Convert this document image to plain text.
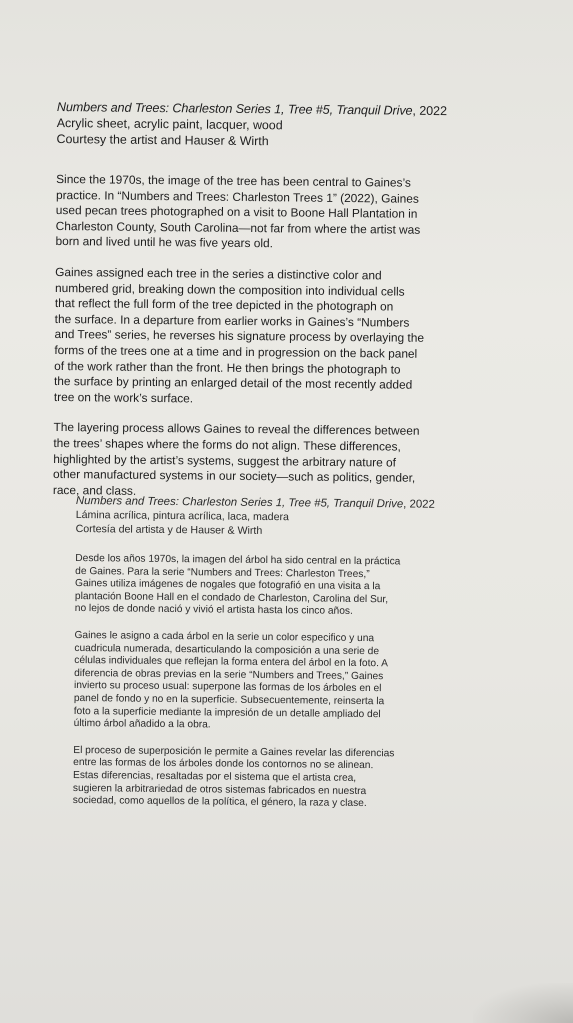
Numbers and Trees: Charleston Series 1, Tree #5, Tranquil Drive, 2022

Acrylic sheet, acrylic paint, lacquer, wood

Courtesy the artist and Hauser & Wirth

Since the 1970s, the image of the tree has been central to Gaines’s
practice. In “Numbers and Trees: Charleston Trees 1” (2022), Gaines
used pecan trees photographed on a visit to Boone Hall Plantation in
Charleston County, South Carolina—not far from where the artist was
born and lived until he was five years old.
Gaines assigned each tree in the series a distinctive color and
numbered grid, breaking down the composition into individual cells
that reflect the full form of the tree depicted in the photograph on
the surface. In a departure from earlier works in Gaines’s “Numbers
and Trees” series, he reverses his signature process by overlaying the
forms of the trees one at a time and in progression on the back panel
of the work rather than the front. He then brings the photograph to
the surface by printing an enlarged detail of the most recently added
tree on the work’s surface.
The layering process allows Gaines to reveal the differences between
the trees’ shapes where the forms do not align. These differences,
highlighted by the artist’s systems, suggest the arbitrary nature of
other manufactured systems in our society—such as politics, gender,
race, and class.

Numbers and Trees: Charleston Series 1, Tree #5, Tranquil Drive, 2022

Lámina acrílica, pintura acrílica, laca, madera

Cortesía del artista y de Hauser & Wirth

Desde los años 1970s, la imagen del árbol ha sido central en la práctica
de Gaines. Para la serie “Numbers and Trees: Charleston Trees,”
Gaines utiliza imágenes de nogales que fotografió en una visita a la
plantación Boone Hall en el condado de Charleston, Carolina del Sur,
no lejos de donde nació y vivió el artista hasta los cinco años.
Gaines le asigno a cada árbol en la serie un color especifico y una
cuadricula numerada, desarticulando la composición a una serie de
células individuales que reflejan la forma entera del árbol en la foto. A
diferencia de obras previas en la serie “Numbers and Trees,” Gaines
invierto su proceso usual: superpone las formas de los árboles en el
panel de fondo y no en la superficie. Subsecuentemente, reinserta la
foto a la superficie mediante la impresión de un detalle ampliado del
último árbol añadido a la obra.
El proceso de superposición le permite a Gaines revelar las diferencias
entre las formas de los árboles donde los contornos no se alinean.
Estas diferencias, resaltadas por el sistema que el artista crea,
sugieren la arbitrariedad de otros sistemas fabricados en nuestra
sociedad, como aquellos de la política, el género, la raza y clase.
